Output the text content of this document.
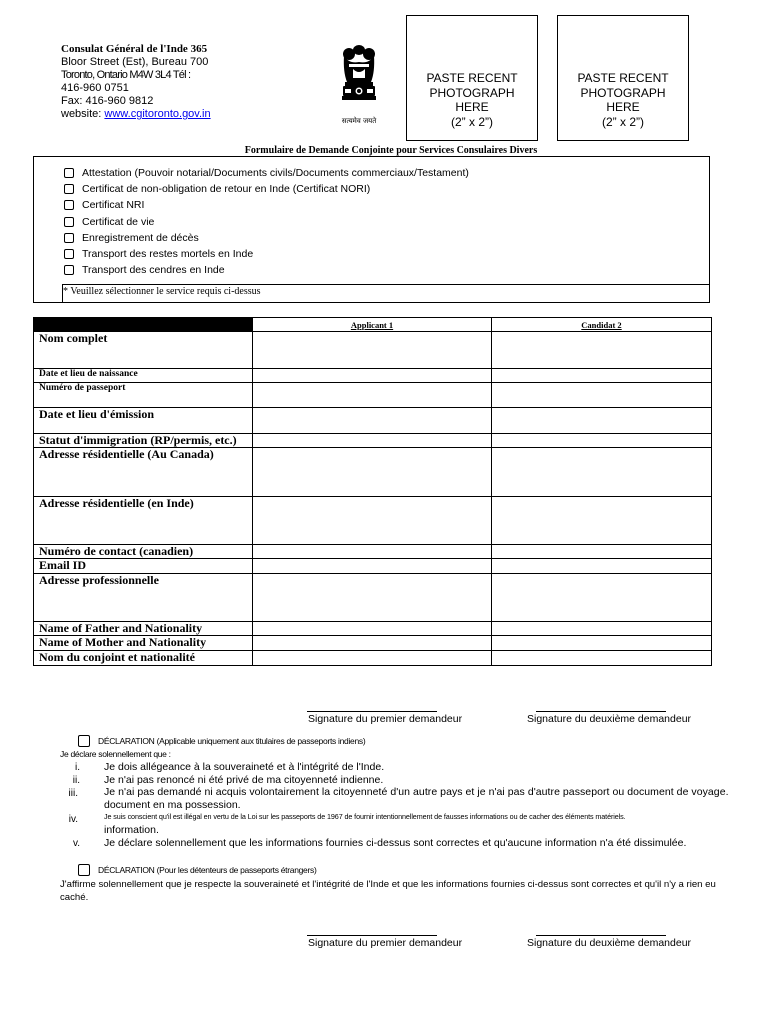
Consulat Général de l'Inde 365
Bloor Street (Est), Bureau 700
Toronto, Ontario M4W 3L4 Tél :
416-960 0751
Fax: 416-960 9812
website: www.cgitoronto.gov.in
सत्यमेव जयते
PASTE RECENT
PHOTOGRAPH
HERE
(2” x 2”)
PASTE RECENT
PHOTOGRAPH
HERE
(2” x 2”)
Formulaire de Demande Conjointe pour Services Consulaires Divers
Attestation (Pouvoir notarial/Documents civils/Documents commerciaux/Testament)
Certificat de non-obligation de retour en Inde (Certificat NORI)
Certificat NRI
Certificat de vie
Enregistrement de décès
Transport des restes mortels en Inde
Transport des cendres en Inde
* Veuillez sélectionner le service requis ci-dessus
	Applicant 1	Candidat 2
Nom complet		
Date et lieu de naissance		
Numéro de passeport		
Date et lieu d'émission		
Statut d'immigration (RP/permis, etc.)		
Adresse résidentielle (Au Canada)		
Adresse résidentielle (en Inde)		
Numéro de contact (canadien)		
Email ID		
Adresse professionnelle		
Name of Father and Nationality		
Name of Mother and Nationality		
Nom du conjoint et nationalité		
Signature du premier demandeur	Signature du deuxième demandeur
DÉCLARATION (Applicable uniquement aux titulaires de passeports indiens)
Je déclare solennellement que :
i. Je dois allégeance à la souveraineté et à l'intégrité de l'Inde.
ii. Je n'ai pas renoncé ni été privé de ma citoyenneté indienne.
iii. Je n'ai pas demandé ni acquis volontairement la citoyenneté d'un autre pays et je n'ai pas d'autre passeport ou document de voyage.
document en ma possession.
iv.	Je suis conscient qu'il est illégal en vertu de la Loi sur les passeports de 1967 de fournir intentionnellement de fausses informations ou de cacher des éléments matériels.
information.
v. Je déclare solennellement que les informations fournies ci-dessus sont correctes et qu'aucune information n'a été dissimulée.
DÉCLARATION (Pour les détenteurs de passeports étrangers)
J'affirme solennellement que je respecte la souveraineté et l'intégrité de l'Inde et que les informations fournies ci-dessus sont correctes et qu'il n'y a rien eu
caché.
Signature du premier demandeur	Signature du deuxième demandeur
